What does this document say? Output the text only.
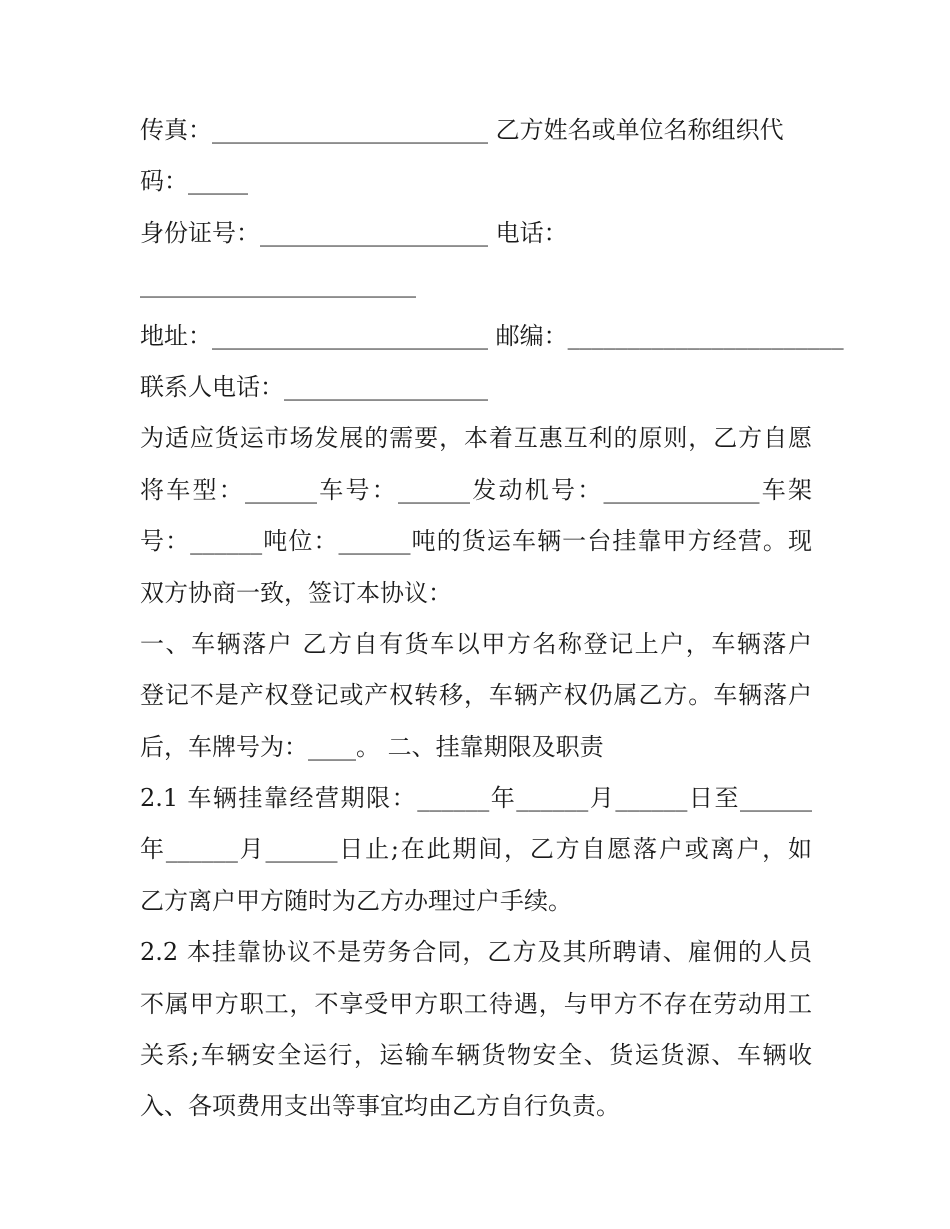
传真：_______________________ 乙方姓名或单位名称组织代
码：_____
身份证号：___________________ 电话：
_______________________
地址：_______________________ 邮编：_______________________
联系人电话：_________________
为适应货运市场发展的需要，本着互惠互利的原则，乙方自愿
将车型：______车号：______发动机号：_____________车架
号：______吨位：______吨的货运车辆一台挂靠甲方经营。现
双方协商一致，签订本协议：
一、车辆落户 乙方自有货车以甲方名称登记上户，车辆落户
登记不是产权登记或产权转移，车辆产权仍属乙方。车辆落户
后，车牌号为：____。 二、挂靠期限及职责
2.1 车辆挂靠经营期限：______年______月______日至______
年______月______日止;在此期间，乙方自愿落户或离户，如
乙方离户甲方随时为乙方办理过户手续。
2.2 本挂靠协议不是劳务合同，乙方及其所聘请、雇佣的人员
不属甲方职工，不享受甲方职工待遇，与甲方不存在劳动用工
关系;车辆安全运行，运输车辆货物安全、货运货源、车辆收
入、各项费用支出等事宜均由乙方自行负责。
